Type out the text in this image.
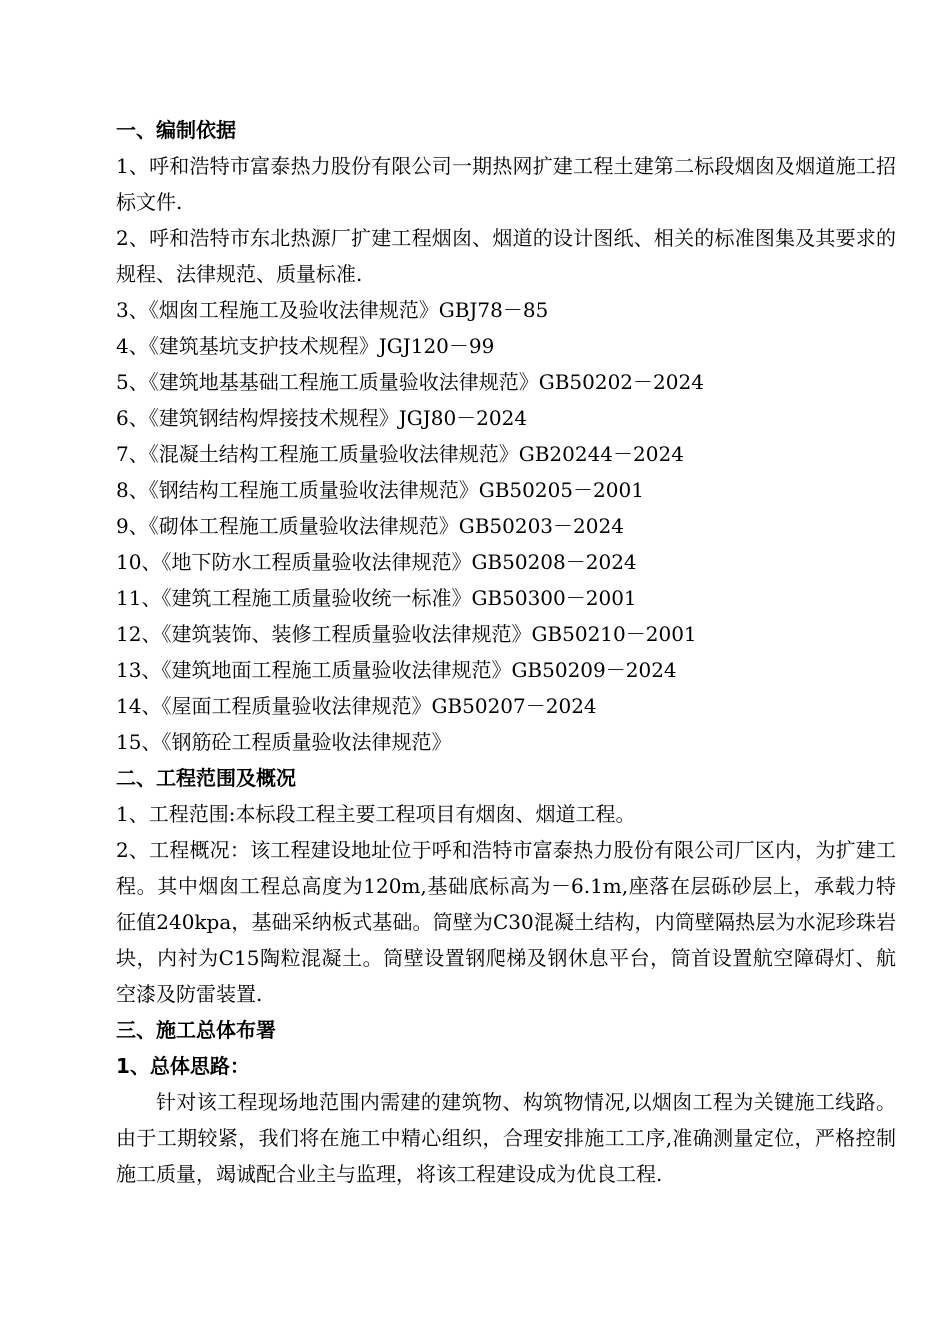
一、编制依据

1、呼和浩特市富泰热力股份有限公司一期热网扩建工程土建第二标段烟囱及烟道施工招标文件.

2、呼和浩特市东北热源厂扩建工程烟囱、烟道的设计图纸、相关的标准图集及其要求的规程、法律规范、质量标准.

3、《烟囱工程施工及验收法律规范》GBJ78－85
4、《建筑基坑支护技术规程》JGJ120－99
5、《建筑地基基础工程施工质量验收法律规范》GB50202－2024
6、《建筑钢结构焊接技术规程》JGJ80－2024
7、《混凝土结构工程施工质量验收法律规范》GB20244－2024
8、《钢结构工程施工质量验收法律规范》GB50205－2001
9、《砌体工程施工质量验收法律规范》GB50203－2024
10、《地下防水工程质量验收法律规范》GB50208－2024
11、《建筑工程施工质量验收统一标准》GB50300－2001
12、《建筑装饰、装修工程质量验收法律规范》GB50210－2001
13、《建筑地面工程施工质量验收法律规范》GB50209－2024
14、《屋面工程质量验收法律规范》GB50207－2024
15、《钢筋砼工程质量验收法律规范》
二、工程范围及概况

1、工程范围:本标段工程主要工程项目有烟囱、烟道工程。

2、工程概况：该工程建设地址位于呼和浩特市富泰热力股份有限公司厂区内，为扩建工程。其中烟囱工程总高度为120m,基础底标高为－6.1m,座落在层砾砂层上，承载力特征值240kpa，基础采纳板式基础。筒壁为C30混凝土结构，内筒壁隔热层为水泥珍珠岩块，内衬为C15陶粒混凝土。筒壁设置钢爬梯及钢休息平台，筒首设置航空障碍灯、航空漆及防雷装置.

三、施工总体布署
1、总体思路：

针对该工程现场地范围内需建的建筑物、构筑物情况,以烟囱工程为关键施工线路。由于工期较紧，我们将在施工中精心组织，合理安排施工工序,准确测量定位，严格控制施工质量，竭诚配合业主与监理，将该工程建设成为优良工程.
